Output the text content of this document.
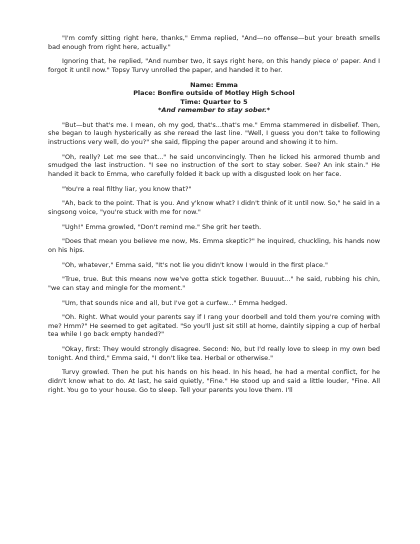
"I'm comfy sitting right here, thanks," Emma replied, "And—no offense—but your breath smells bad enough from right here, actually."

Ignoring that, he replied, "And number two, it says right here, on this handy piece o' paper. And I forgot it until now." Topsy Turvy unrolled the paper, and handed it to her.

Name: Emma

Place: Bonfire outside of Motley High School

Time: Quarter to 5

*And remember to stay sober.*

"But—but that's me. I mean, oh my god, that's...that's me." Emma stammered in disbelief. Then, she began to laugh hysterically as she reread the last line. "Well, I guess you don't take to following instructions very well, do you?" she said, flipping the paper around and showing it to him.

"Oh, really? Let me see that..." he said unconvincingly. Then he licked his armored thumb and smudged the last instruction. "I see no instruction of the sort to stay sober. See? An ink stain." He handed it back to Emma, who carefully folded it back up with a disgusted look on her face.

"You're a real filthy liar, you know that?"

"Ah, back to the point. That is you. And y'know what? I didn't think of it until now. So," he said in a singsong voice, "you're stuck with me for now."

"Ugh!" Emma growled, "Don't remind me." She grit her teeth.

"Does that mean you believe me now, Ms. Emma skeptic?" he inquired, chuckling, his hands now on his hips.

"Oh, whatever," Emma said, "It's not lie you didn't know I would in the first place."

"True, true. But this means now we've gotta stick together. Buuuut..." he said, rubbing his chin, "we can stay and mingle for the moment."

"Um, that sounds nice and all, but I've got a curfew..." Emma hedged.

"Oh. Right. What would your parents say if I rang your doorbell and told them you're coming with me? Hmm?" He seemed to get agitated. "So you'll just sit still at home, daintily sipping a cup of herbal tea while I go back empty handed?"

"Okay, first: They would strongly disagree. Second: No, but I'd really love to sleep in my own bed tonight. And third," Emma said, "I don't like tea. Herbal or otherwise."

Turvy growled. Then he put his hands on his head. In his head, he had a mental conflict, for he didn't know what to do. At last, he said quietly, "Fine." He stood up and said a little louder, "Fine. All right. You go to your house. Go to sleep. Tell your parents you love them. I'll
